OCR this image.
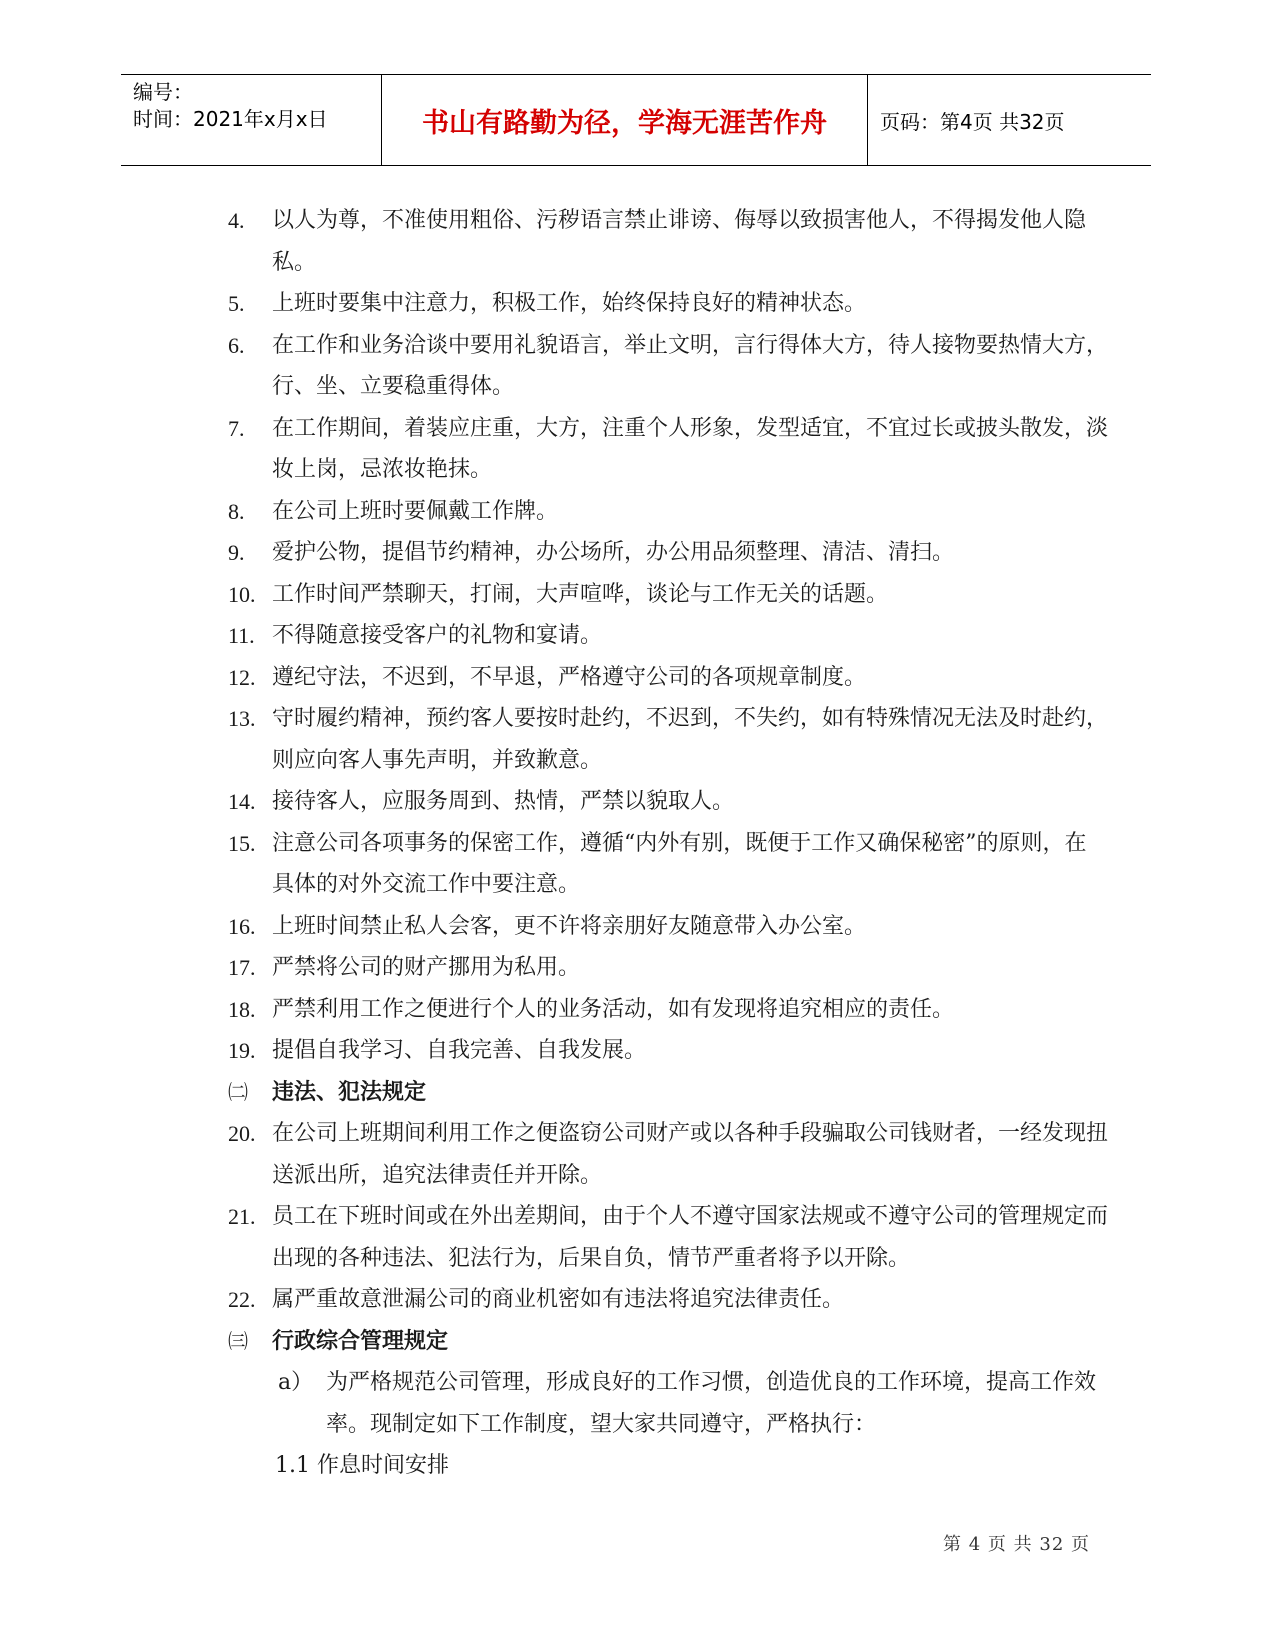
编号：
时间：2021年x月x日	书山有路勤为径，学海无涯苦作舟	页码：第4页 共32页
4.	以人为尊，不准使用粗俗、污秽语言禁止诽谤、侮辱以致损害他人，不得揭发他人隐私。
5.	上班时要集中注意力，积极工作，始终保持良好的精神状态。
6.	在工作和业务洽谈中要用礼貌语言，举止文明，言行得体大方，待人接物要热情大方，行、坐、立要稳重得体。
7.	在工作期间，着装应庄重，大方，注重个人形象，发型适宜，不宜过长或披头散发，淡妆上岗，忌浓妆艳抹。
8.	在公司上班时要佩戴工作牌。
9.	爱护公物，提倡节约精神，办公场所，办公用品须整理、清洁、清扫。
10. 工作时间严禁聊天，打闹，大声喧哗，谈论与工作无关的话题。
11. 不得随意接受客户的礼物和宴请。
12. 遵纪守法，不迟到，不早退，严格遵守公司的各项规章制度。
13. 守时履约精神，预约客人要按时赴约，不迟到，不失约，如有特殊情况无法及时赴约，则应向客人事先声明，并致歉意。
14. 接待客人，应服务周到、热情，严禁以貌取人。
15. 注意公司各项事务的保密工作，遵循“内外有别，既便于工作又确保秘密”的原则，在具体的对外交流工作中要注意。
16. 上班时间禁止私人会客，更不许将亲朋好友随意带入办公室。
17. 严禁将公司的财产挪用为私用。
18. 严禁利用工作之便进行个人的业务活动，如有发现将追究相应的责任。
19. 提倡自我学习、自我完善、自我发展。
㈡	违法、犯法规定
20. 在公司上班期间利用工作之便盗窃公司财产或以各种手段骗取公司钱财者，一经发现扭送派出所，追究法律责任并开除。
21. 员工在下班时间或在外出差期间，由于个人不遵守国家法规或不遵守公司的管理规定而出现的各种违法、犯法行为，后果自负，情节严重者将予以开除。
22. 属严重故意泄漏公司的商业机密如有违法将追究法律责任。
㈢	行政综合管理规定
a） 为严格规范公司管理，形成良好的工作习惯，创造优良的工作环境，提高工作效率。现制定如下工作制度，望大家共同遵守，严格执行：
1.1 作息时间安排
第 4 页 共 32 页
